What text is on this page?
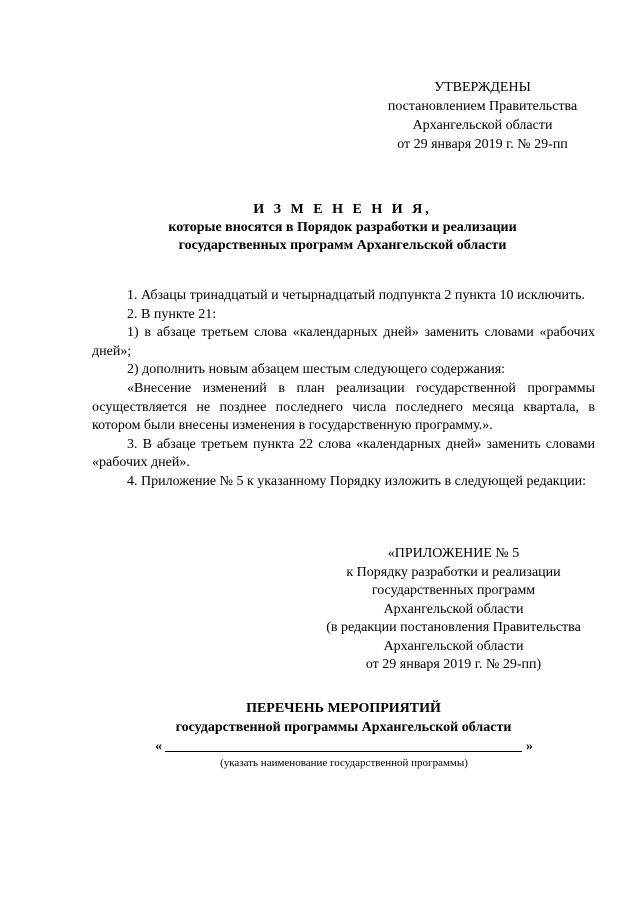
УТВЕРЖДЕНЫ
постановлением Правительства
Архангельской области
от 29 января 2019 г. № 29-пп
И З М Е Н Е Н И Я,
которые вносятся в Порядок разработки и реализации
государственных программ Архангельской области

1. Абзацы тринадцатый и четырнадцатый подпункта 2 пункта 10 исключить.

2. В пункте 21:

1) в абзаце третьем слова «календарных дней» заменить словами «рабочих дней»;

2) дополнить новым абзацем шестым следующего содержания:

«Внесение изменений в план реализации государственной программы осуществляется не позднее последнего числа последнего месяца квартала, в котором были внесены изменения в государственную программу.».

3. В абзаце третьем пункта 22 слова «календарных дней» заменить словами «рабочих дней».

4. Приложение № 5 к указанному Порядку изложить в следующей редакции:

«ПРИЛОЖЕНИЕ № 5
к Порядку разработки и реализации
государственных программ
Архангельской области
(в редакции постановления Правительства
Архангельской области
от 29 января 2019 г. № 29-пп)
ПЕРЕЧЕНЬ МЕРОПРИЯТИЙ
государственной программы Архангельской области
«	»
(указать наименование государственной программы)
